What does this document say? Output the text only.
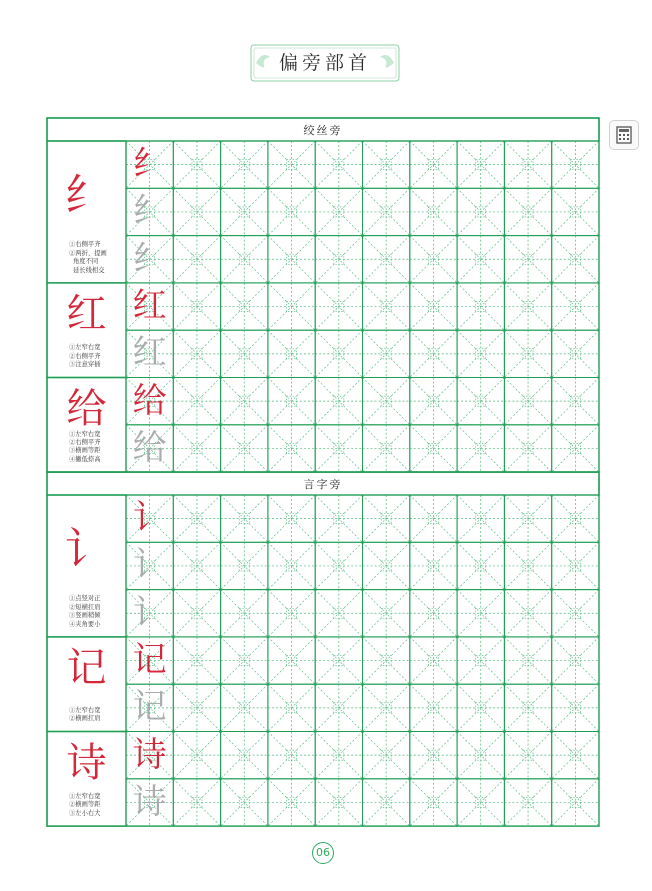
偏旁部首
绞丝旁
纟
①右侧平齐
②两折、提画
角度不同
延长线相交
纟
纟
纟
红
①左窄右宽
②右侧平齐
③注意穿插
红
红
给
①左窄右宽
②右侧平齐
③横画等距
④撇低捺高
给
给
言字旁
讠
①点竖对正
②短横扛肩
③竖画稍倾
④夹角要小
讠
讠
讠
记
①左窄右宽
②横画扛肩
记
记
诗
①左窄右宽
②横画等距
③左小右大
诗
诗
06
